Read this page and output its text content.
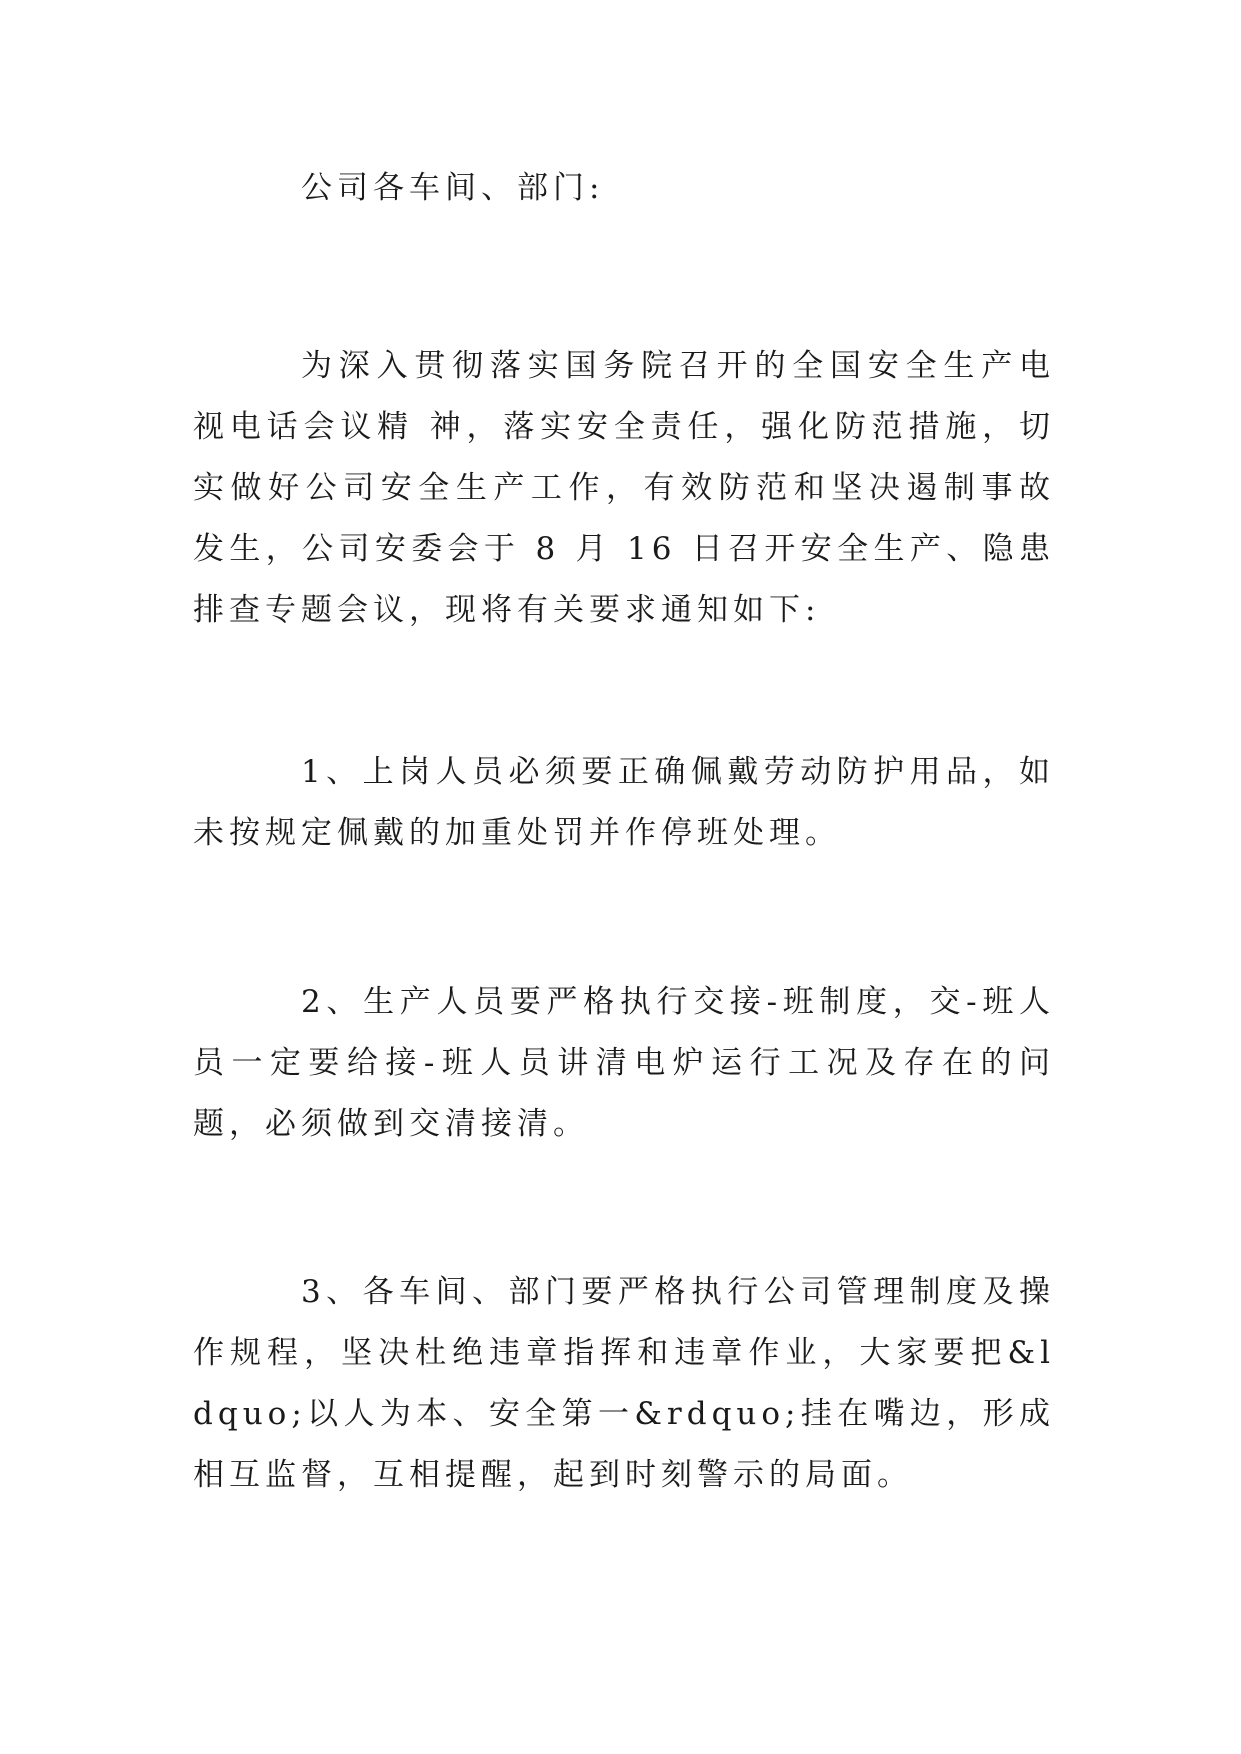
公司各车间、部门:

为深入贯彻落实国务院召开的全国安全生产电视电话会议精 神，落实安全责任，强化防范措施，切实做好公司安全生产工作，有效防范和坚决遏制事故发生，公司安委会于 8 月 16 日召开安全生产、隐患排查专题会议，现将有关要求通知如下:

1、上岗人员必须要正确佩戴劳动防护用品，如未按规定佩戴的加重处罚并作停班处理。

2、生产人员要严格执行交接-班制度，交-班人员一定要给接-班人员讲清电炉运行工况及存在的问题，必须做到交清接清。

3、各车间、部门要严格执行公司管理制度及操作规程，坚决杜绝违章指挥和违章作业，大家要把&ldquo;以人为本、安全第一&rdquo;挂在嘴边，形成相互监督，互相提醒，起到时刻警示的局面。
